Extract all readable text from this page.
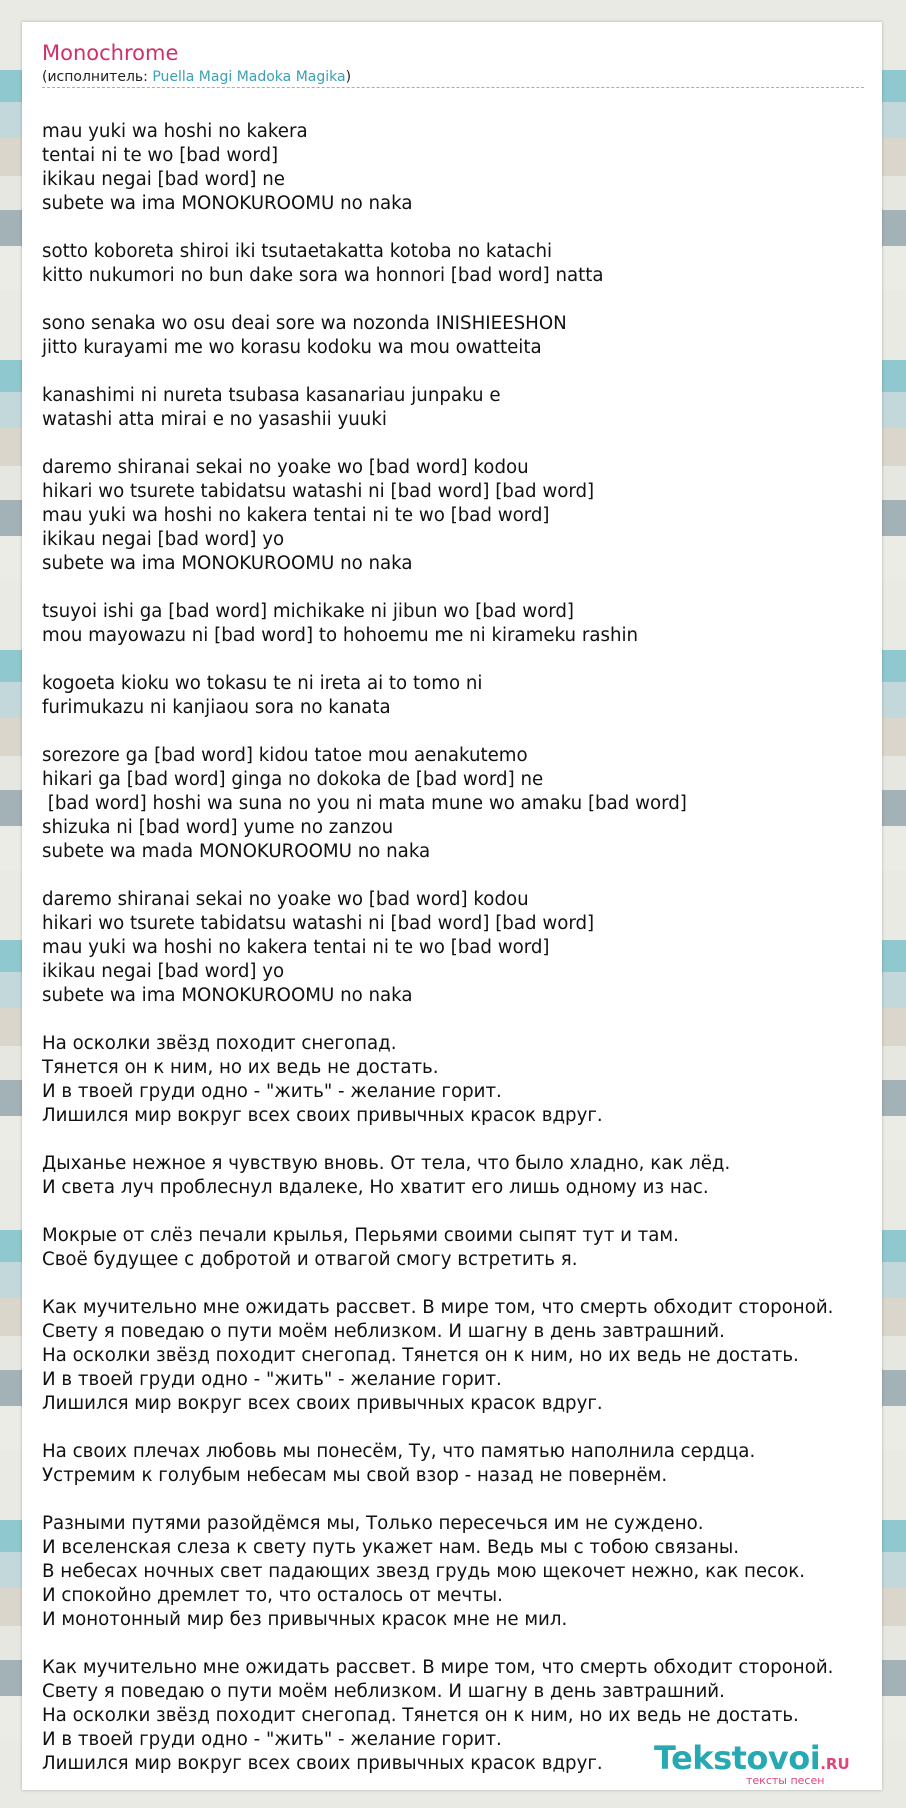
Monochrome
(исполнитель: Puella Magi Madoka Magika)
mau yuki wa hoshi no kakera
tentai ni te wo [bad word]
ikikau negai [bad word] ne
subete wa ima MONOKUROOMU no naka
sotto koboreta shiroi iki tsutaetakatta kotoba no katachi
kitto nukumori no bun dake sora wa honnori [bad word] natta
sono senaka wo osu deai sore wa nozonda INISHIEESHON
jitto kurayami me wo korasu kodoku wa mou owatteita
kanashimi ni nureta tsubasa kasanariau junpaku e
watashi atta mirai e no yasashii yuuki
daremo shiranai sekai no yoake wo [bad word] kodou
hikari wo tsurete tabidatsu watashi ni [bad word] [bad word]
mau yuki wa hoshi no kakera tentai ni te wo [bad word]
ikikau negai [bad word] yo
subete wa ima MONOKUROOMU no naka
tsuyoi ishi ga [bad word] michikake ni jibun wo [bad word]
mou mayowazu ni [bad word] to hohoemu me ni kirameku rashin
kogoeta kioku wo tokasu te ni ireta ai to tomo ni
furimukazu ni kanjiaou sora no kanata
sorezore ga [bad word] kidou tatoe mou aenakutemo
hikari ga [bad word] ginga no dokoka de [bad word] ne
[bad word] hoshi wa suna no you ni mata mune wo amaku [bad word]
shizuka ni [bad word] yume no zanzou
subete wa mada MONOKUROOMU no naka
daremo shiranai sekai no yoake wo [bad word] kodou
hikari wo tsurete tabidatsu watashi ni [bad word] [bad word]
mau yuki wa hoshi no kakera tentai ni te wo [bad word]
ikikau negai [bad word] yo
subete wa ima MONOKUROOMU no naka
На осколки звёзд походит снегопад.
Тянется он к ним, но их ведь не достать.
И в твоей груди одно - "жить" - желание горит.
Лишился мир вокруг всех своих привычных красок вдруг.
Дыханье нежное я чувствую вновь. От тела, что было хладно, как лёд.
И света луч проблеснул вдалеке, Но хватит его лишь одному из нас.
Мокрые от слёз печали крылья, Перьями своими сыпят тут и там.
Своё будущее с добротой и отвагой смогу встретить я.
Как мучительно мне ожидать рассвет. В мире том, что смерть обходит стороной.
Свету я поведаю о пути моём неблизком. И шагну в день завтрашний.
На осколки звёзд походит снегопад. Тянется он к ним, но их ведь не достать.
И в твоей груди одно - "жить" - желание горит.
Лишился мир вокруг всех своих привычных красок вдруг.
На своих плечах любовь мы понесём, Ту, что памятью наполнила сердца.
Устремим к голубым небесам мы свой взор - назад не повернём.
Разными путями разойдёмся мы, Только пересечься им не суждено.
И вселенская слеза к свету путь укажет нам. Ведь мы с тобою связаны.
В небесах ночных свет падающих звезд грудь мою щекочет нежно, как песок.
И спокойно дремлет то, что осталось от мечты.
И монотонный мир без привычных красок мне не мил.
Как мучительно мне ожидать рассвет. В мире том, что смерть обходит стороной.
Свету я поведаю о пути моём неблизком. И шагну в день завтрашний.
На осколки звёзд походит снегопад. Тянется он к ним, но их ведь не достать.
И в твоей груди одно - "жить" - желание горит.
Лишился мир вокруг всех своих привычных красок вдруг.	Tekstovoi.RU
тексты песен
